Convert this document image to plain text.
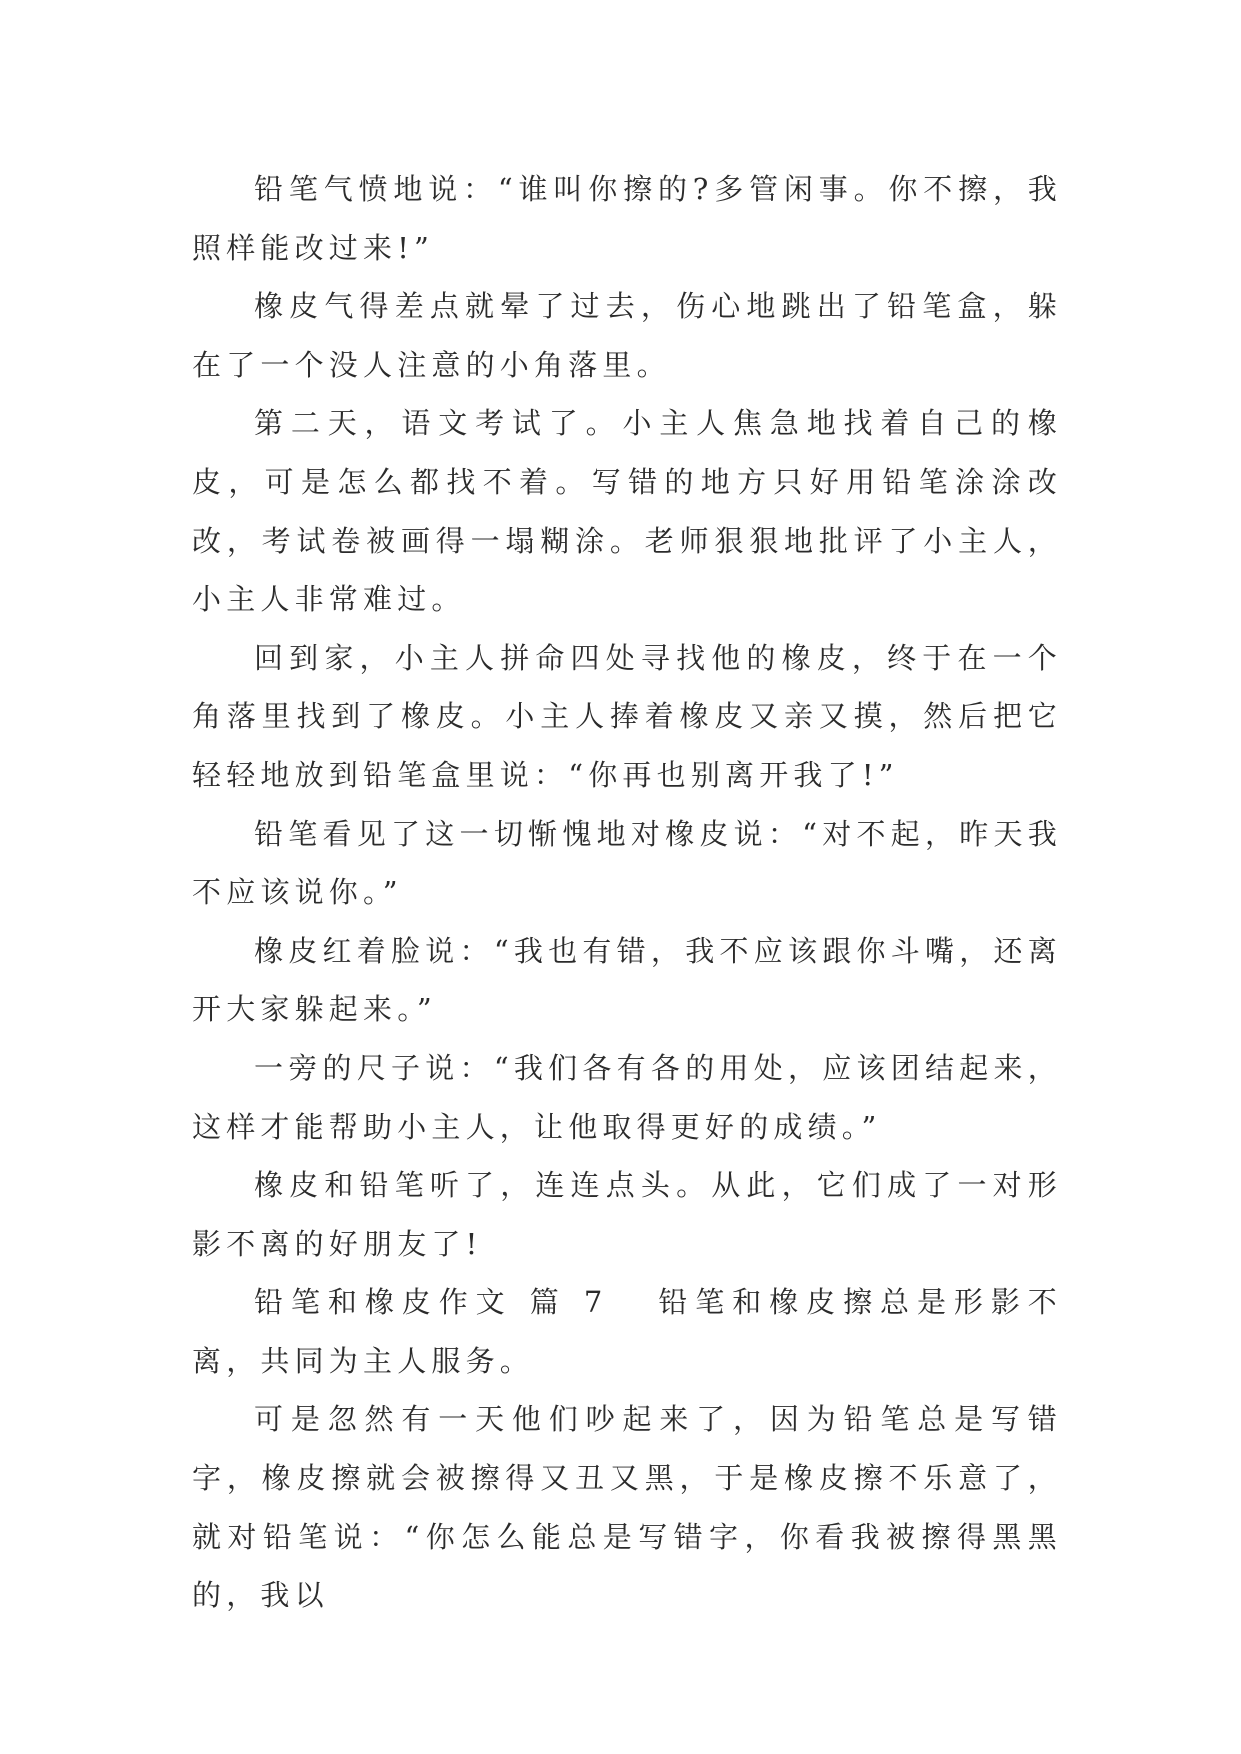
铅笔气愤地说：“谁叫你擦的?多管闲事。你不擦，我照样能改过来!”

橡皮气得差点就晕了过去，伤心地跳出了铅笔盒，躲在了一个没人注意的小角落里。

第二天，语文考试了。小主人焦急地找着自己的橡皮，可是怎么都找不着。写错的地方只好用铅笔涂涂改改，考试卷被画得一塌糊涂。老师狠狠地批评了小主人，小主人非常难过。

回到家，小主人拼命四处寻找他的橡皮，终于在一个角落里找到了橡皮。小主人捧着橡皮又亲又摸，然后把它轻轻地放到铅笔盒里说：“你再也别离开我了!”

铅笔看见了这一切惭愧地对橡皮说：“对不起，昨天我不应该说你。”

橡皮红着脸说：“我也有错，我不应该跟你斗嘴，还离开大家躲起来。”

一旁的尺子说：“我们各有各的用处，应该团结起来，这样才能帮助小主人，让他取得更好的成绩。”

橡皮和铅笔听了，连连点头。从此，它们成了一对形影不离的好朋友了!

铅笔和橡皮作文 篇 7 铅笔和橡皮擦总是形影不离，共同为主人服务。

可是忽然有一天他们吵起来了，因为铅笔总是写错字，橡皮擦就会被擦得又丑又黑，于是橡皮擦不乐意了，就对铅笔说：“你怎么能总是写错字，你看我被擦得黑黑的，我以
